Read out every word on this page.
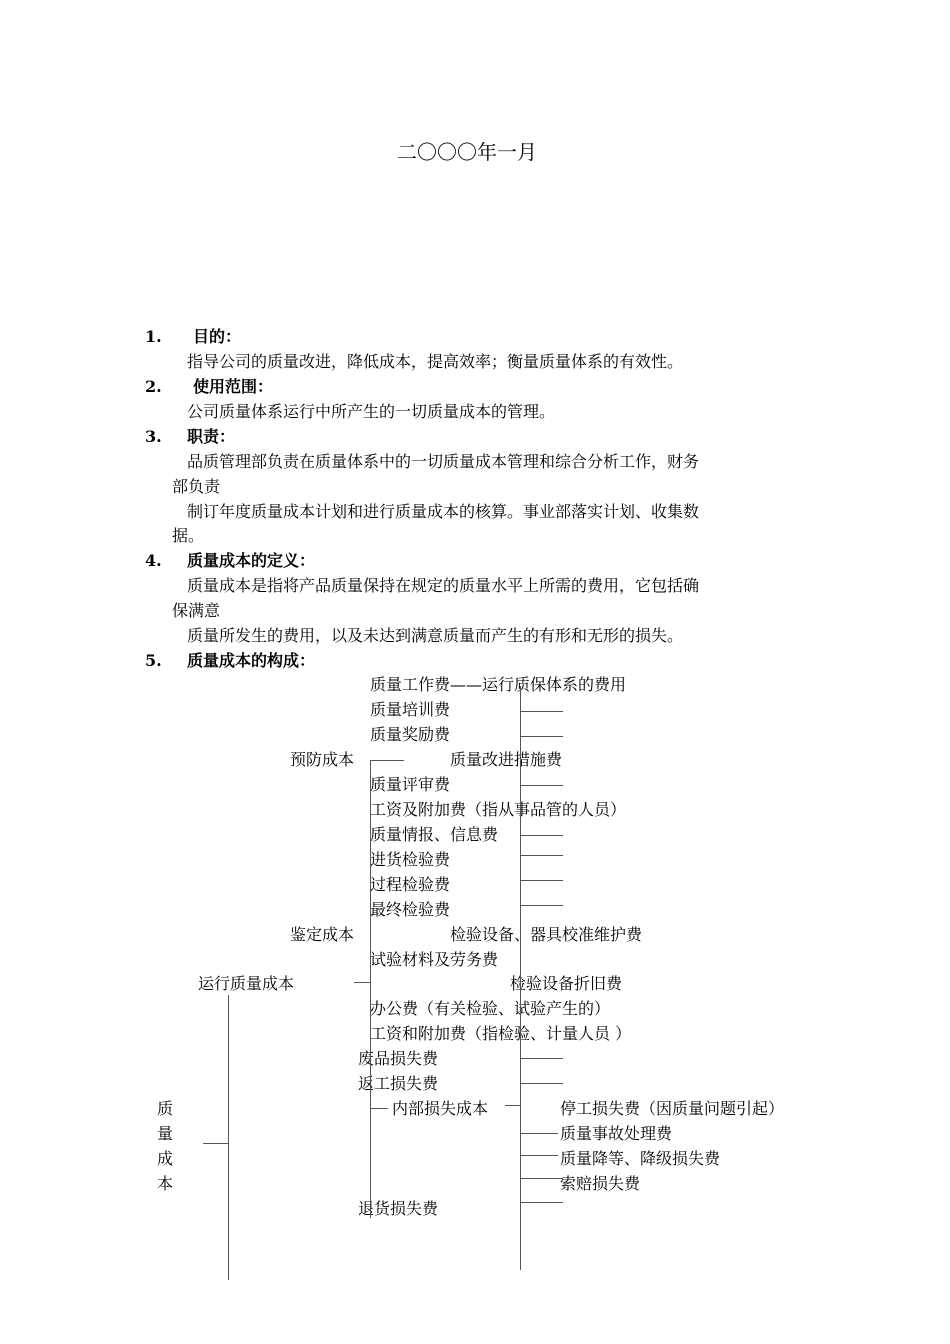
二〇〇〇年一月
1. 目的：
指导公司的质量改进，降低成本，提高效率；衡量质量体系的有效性。
2. 使用范围：
公司质量体系运行中所产生的一切质量成本的管理。
3. 职责：
品质管理部负责在质量体系中的一切质量成本管理和综合分析工作，财务
部负责
制订年度质量成本计划和进行质量成本的核算。事业部落实计划、收集数
据。
4. 质量成本的定义：
质量成本是指将产品质量保持在规定的质量水平上所需的费用，它包括确
保满意
质量所发生的费用，以及未达到满意质量而产生的有形和无形的损失。
5. 质量成本的构成：
质量工作费——运行质保体系的费用
质量培训费
质量奖励费
预防成本	质量改进措施费
质量评审费
工资及附加费（指从事品管的人员）
质量情报、信息费
进货检验费
过程检验费
最终检验费
鉴定成本	检验设备、器具校准维护费
试验材料及劳务费
运行质量成本	检验设备折旧费
办公费（有关检验、试验产生的）
工资和附加费（指检验、计量人员 ）
废品损失费
返工损失费
内部损失成本	停工损失费（因质量问题引起）
质量事故处理费
质量降等、降级损失费
索赔损失费
退货损失费
质
量
成
本
